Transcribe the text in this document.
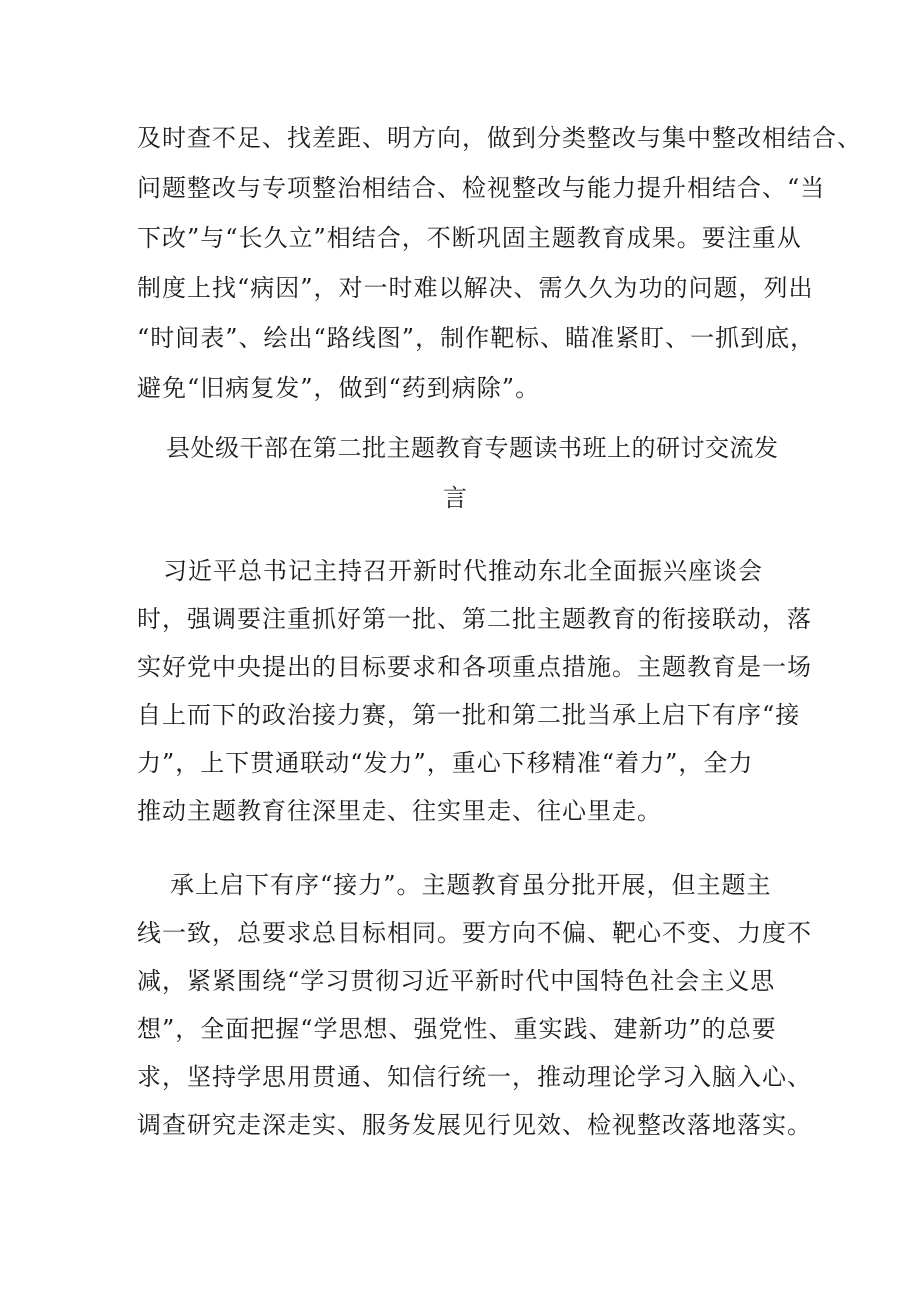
及时查不足、找差距、明方向，做到分类整改与集中整改相结合、
问题整改与专项整治相结合、检视整改与能力提升相结合、“当
下改”与“长久立”相结合，不断巩固主题教育成果。要注重从
制度上找“病因”，对一时难以解决、需久久为功的问题，列出
“时间表”、绘出“路线图”，制作靶标、瞄准紧盯、一抓到底，
避免“旧病复发”，做到“药到病除”。
县处级干部在第二批主题教育专题读书班上的研讨交流发
言
习近平总书记主持召开新时代推动东北全面振兴座谈会
时，强调要注重抓好第一批、第二批主题教育的衔接联动，落
实好党中央提出的目标要求和各项重点措施。主题教育是一场
自上而下的政治接力赛，第一批和第二批当承上启下有序“接
力”，上下贯通联动“发力”，重心下移精准“着力”，全力
推动主题教育往深里走、往实里走、往心里走。
承上启下有序“接力”。主题教育虽分批开展，但主题主
线一致，总要求总目标相同。要方向不偏、靶心不变、力度不
减，紧紧围绕“学习贯彻习近平新时代中国特色社会主义思
想”，全面把握“学思想、强党性、重实践、建新功”的总要
求，坚持学思用贯通、知信行统一，推动理论学习入脑入心、
调查研究走深走实、服务发展见行见效、检视整改落地落实。
